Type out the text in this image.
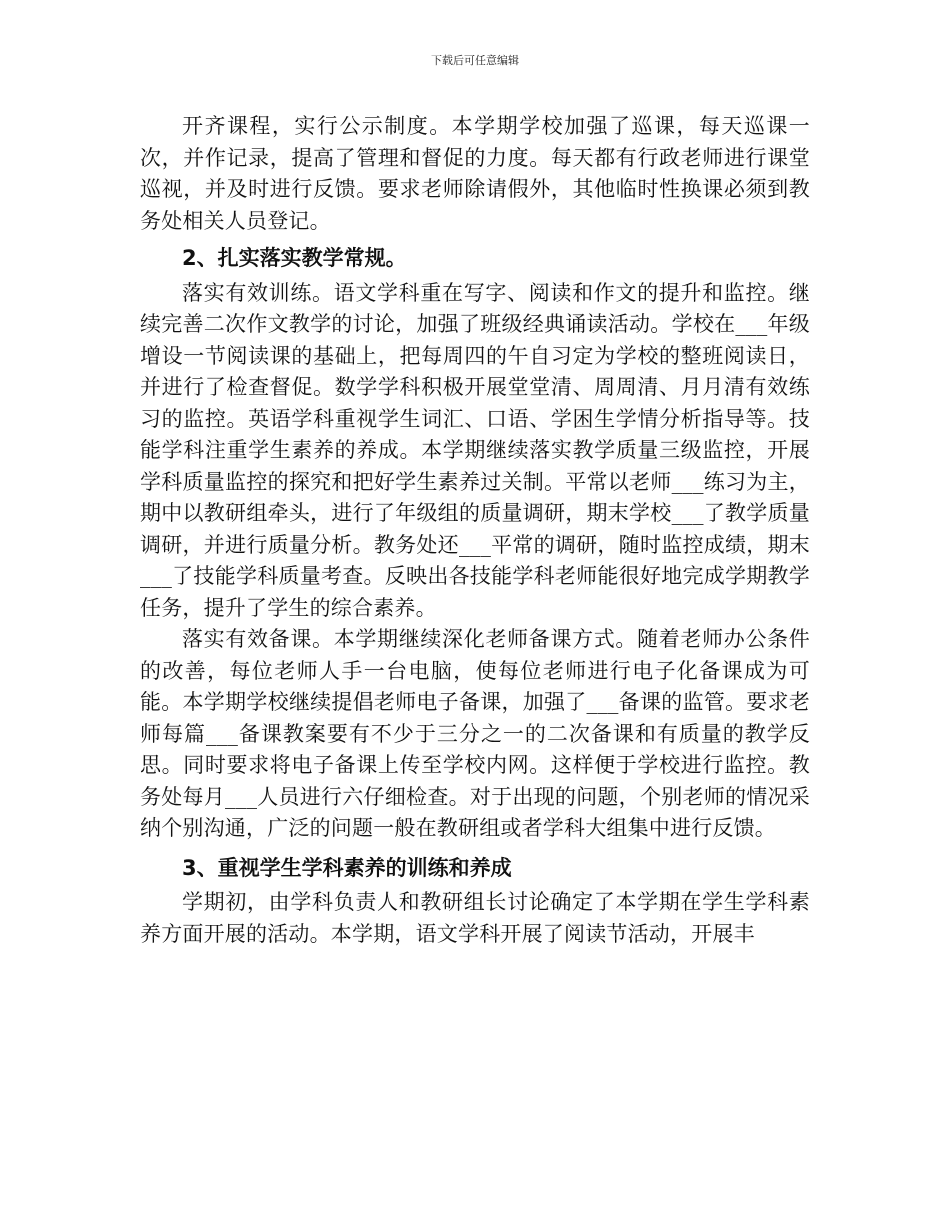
下载后可任意编辑

开齐课程，实行公示制度。本学期学校加强了巡课，每天巡课一次，并作记录，提高了管理和督促的力度。每天都有行政老师进行课堂巡视，并及时进行反馈。要求老师除请假外，其他临时性换课必须到教务处相关人员登记。

2、扎实落实教学常规。

落实有效训练。语文学科重在写字、阅读和作文的提升和监控。继续完善二次作文教学的讨论，加强了班级经典诵读活动。学校在___年级增设一节阅读课的基础上，把每周四的午自习定为学校的整班阅读日，并进行了检查督促。数学学科积极开展堂堂清、周周清、月月清有效练习的监控。英语学科重视学生词汇、口语、学困生学情分析指导等。技能学科注重学生素养的养成。本学期继续落实教学质量三级监控，开展学科质量监控的探究和把好学生素养过关制。平常以老师___练习为主，期中以教研组牵头，进行了年级组的质量调研，期末学校___了教学质量调研，并进行质量分析。教务处还___平常的调研，随时监控成绩，期末___了技能学科质量考查。反映出各技能学科老师能很好地完成学期教学任务，提升了学生的综合素养。

落实有效备课。本学期继续深化老师备课方式。随着老师办公条件的改善，每位老师人手一台电脑，使每位老师进行电子化备课成为可能。本学期学校继续提倡老师电子备课，加强了___备课的监管。要求老师每篇___备课教案要有不少于三分之一的二次备课和有质量的教学反思。同时要求将电子备课上传至学校内网。这样便于学校进行监控。教务处每月___人员进行六仔细检查。对于出现的问题，个别老师的情况采纳个别沟通，广泛的问题一般在教研组或者学科大组集中进行反馈。

3、重视学生学科素养的训练和养成

学期初，由学科负责人和教研组长讨论确定了本学期在学生学科素养方面开展的活动。本学期，语文学科开展了阅读节活动，开展丰
